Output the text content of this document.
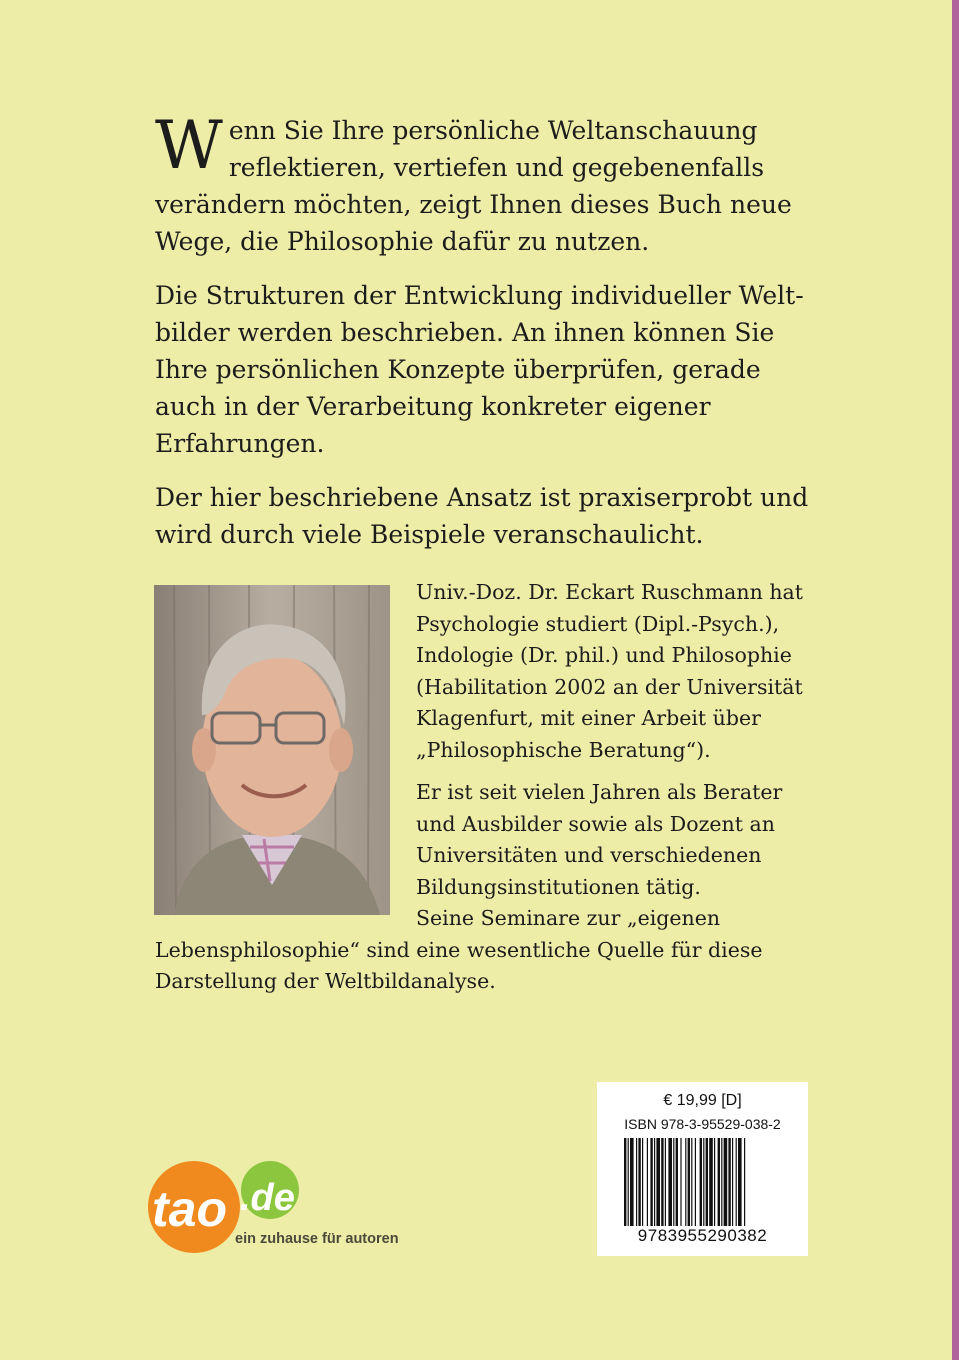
Wenn Sie Ihre persönliche Weltanschauung reflektieren, vertiefen und gegebenenfalls verändern möchten, zeigt Ihnen dieses Buch neue Wege, die Philosophie dafür zu nutzen.

Die Strukturen der Entwicklung individueller Weltbilder werden beschrieben. An ihnen können Sie Ihre persönlichen Konzepte überprüfen, gerade auch in der Verarbeitung konkreter eigener Erfahrungen.

Der hier beschriebene Ansatz ist praxiserprobt und wird durch viele Beispiele veranschaulicht.

Univ.-Doz. Dr. Eckart Ruschmann hat Psychologie studiert (Dipl.-Psych.), Indologie (Dr. phil.) und Philosophie (Habilitation 2002 an der Universität Klagenfurt, mit einer Arbeit über „Philosophische Beratung“).

Er ist seit vielen Jahren als Berater und Ausbilder sowie als Dozent an Universitäten und verschiedenen Bildungsinstitutionen tätig.

Seine Seminare zur „eigenen Lebensphilosophie“ sind eine wesentliche Quelle für diese Darstellung der Weltbildanalyse.

€ 19,99 [D]
ISBN 978-3-95529-038-2
9783955290382
tao .de
ein zuhause für autoren
